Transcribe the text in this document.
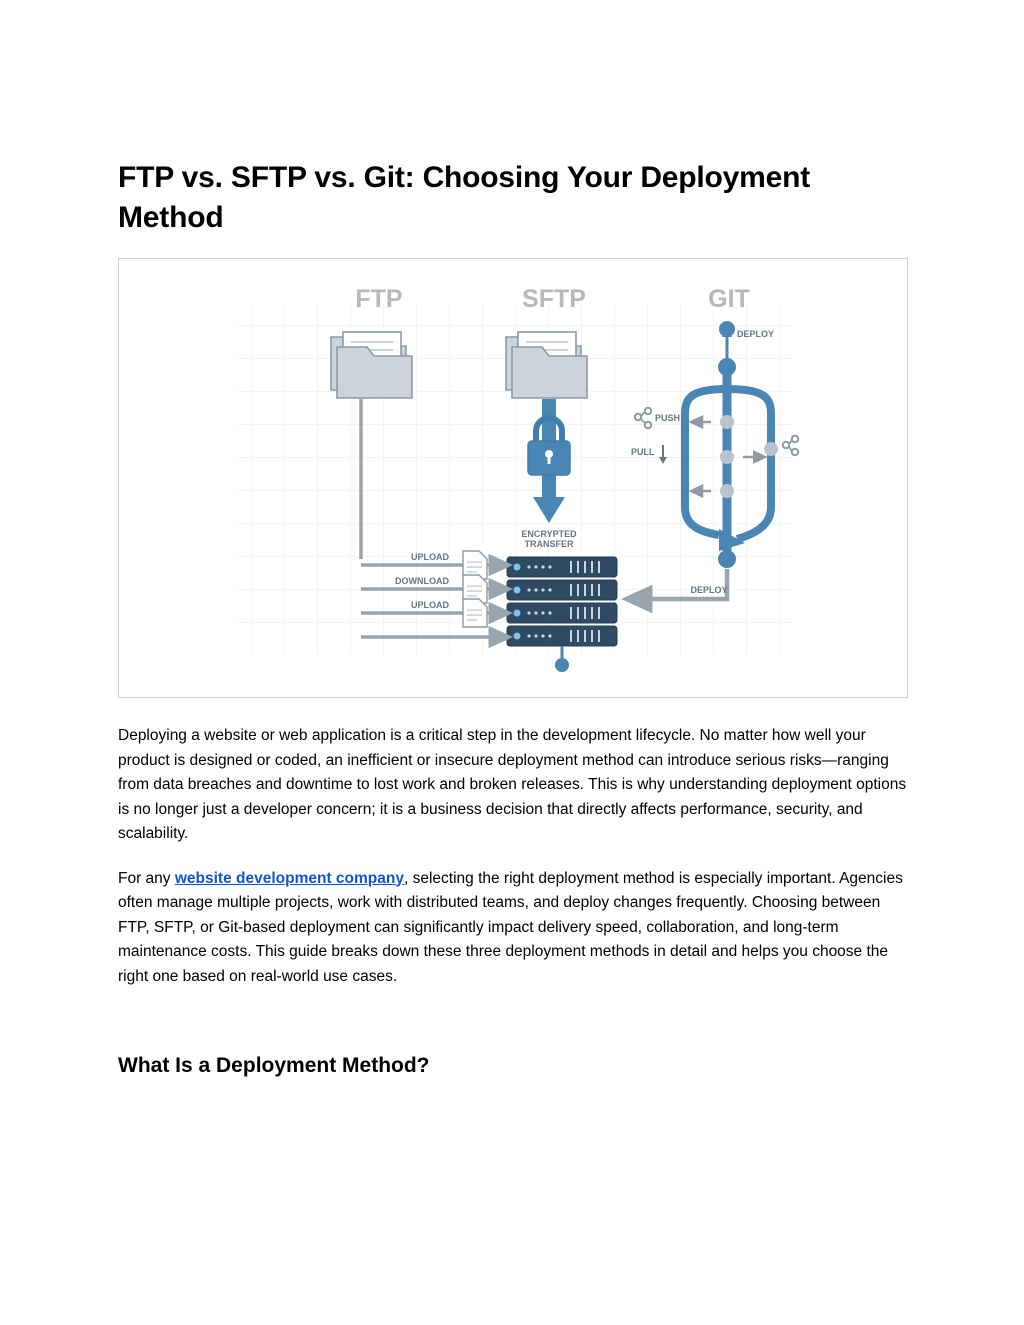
FTP vs. SFTP vs. Git: Choosing Your Deployment Method
FTP	SFTP	GIT
ENCRYPTED
TRANSFER
UPLOAD
DOWNLOAD
UPLOAD
DEPLOY
PUSH
PULL
DEPLOY

Deploying a website or web application is a critical step in the development lifecycle. No matter how well your product is designed or coded, an inefficient or insecure deployment method can introduce serious risks—ranging from data breaches and downtime to lost work and broken releases. This is why understanding deployment options is no longer just a developer concern; it is a business decision that directly affects performance, security, and scalability.

For any website development company, selecting the right deployment method is especially important. Agencies often manage multiple projects, work with distributed teams, and deploy changes frequently. Choosing between FTP, SFTP, or Git-based deployment can significantly impact delivery speed, collaboration, and long-term maintenance costs. This guide breaks down these three deployment methods in detail and helps you choose the right one based on real-world use cases.

What Is a Deployment Method?
